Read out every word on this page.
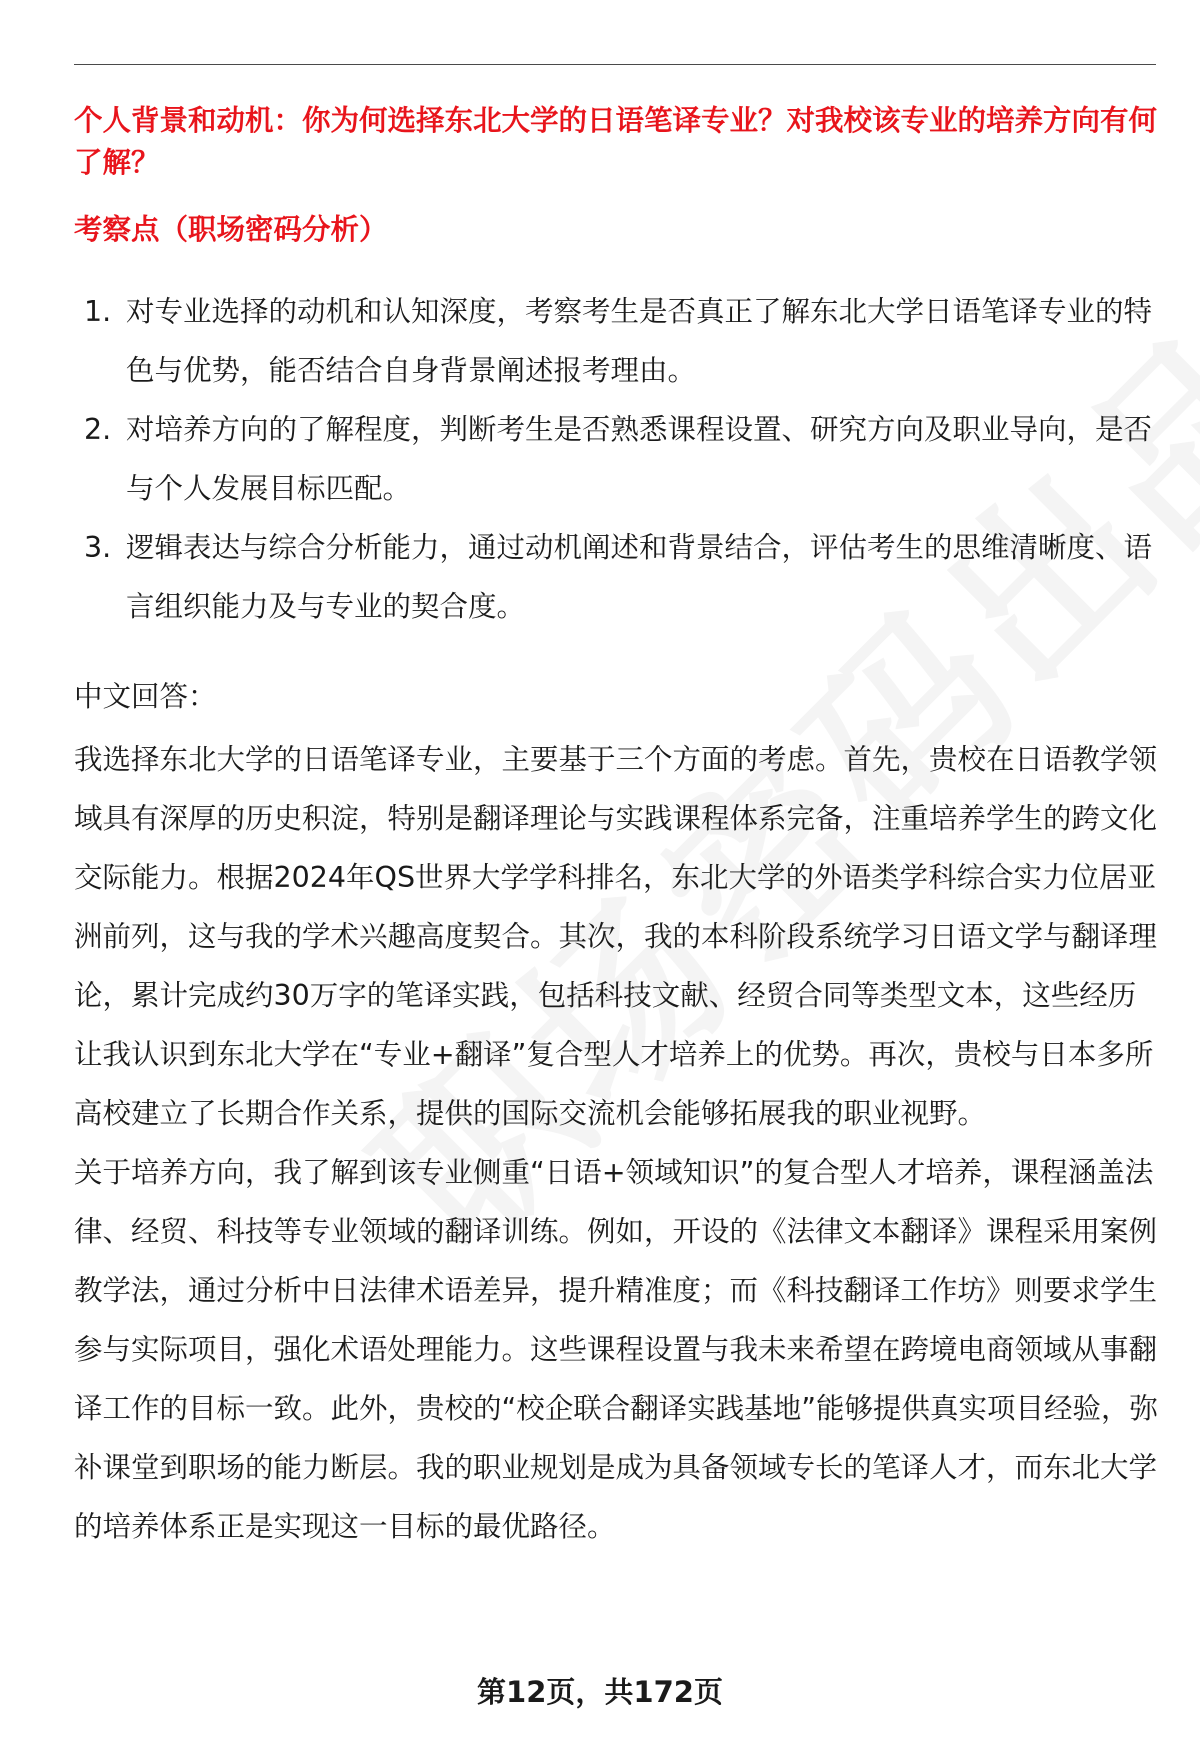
个人背景和动机：你为何选择东北大学的日语笔译专业？对我校该专业的培养方向有何了解？
考察点（职场密码分析）
1. 对专业选择的动机和认知深度，考察考生是否真正了解东北大学日语笔译专业的特色与优势，能否结合自身背景阐述报考理由。
2. 对培养方向的了解程度，判断考生是否熟悉课程设置、研究方向及职业导向，是否与个人发展目标匹配。
3. 逻辑表达与综合分析能力，通过动机阐述和背景结合，评估考生的思维清晰度、语言组织能力及与专业的契合度。
中文回答：

我选择东北大学的日语笔译专业，主要基于三个方面的考虑。首先，贵校在日语教学领域具有深厚的历史积淀，特别是翻译理论与实践课程体系完备，注重培养学生的跨文化交际能力。根据2024年QS世界大学学科排名，东北大学的外语类学科综合实力位居亚洲前列，这与我的学术兴趣高度契合。其次，我的本科阶段系统学习日语文学与翻译理论，累计完成约30万字的笔译实践，包括科技文献、经贸合同等类型文本，这些经历让我认识到东北大学在“专业+翻译”复合型人才培养上的优势。再次，贵校与日本多所高校建立了长期合作关系，提供的国际交流机会能够拓展我的职业视野。

关于培养方向，我了解到该专业侧重“日语+领域知识”的复合型人才培养，课程涵盖法律、经贸、科技等专业领域的翻译训练。例如，开设的《法律文本翻译》课程采用案例教学法，通过分析中日法律术语差异，提升精准度；而《科技翻译工作坊》则要求学生参与实际项目，强化术语处理能力。这些课程设置与我未来希望在跨境电商领域从事翻译工作的目标一致。此外，贵校的“校企联合翻译实践基地”能够提供真实项目经验，弥补课堂到职场的能力断层。我的职业规划是成为具备领域专长的笔译人才，而东北大学的培养体系正是实现这一目标的最优路径。

第12页，共172页
